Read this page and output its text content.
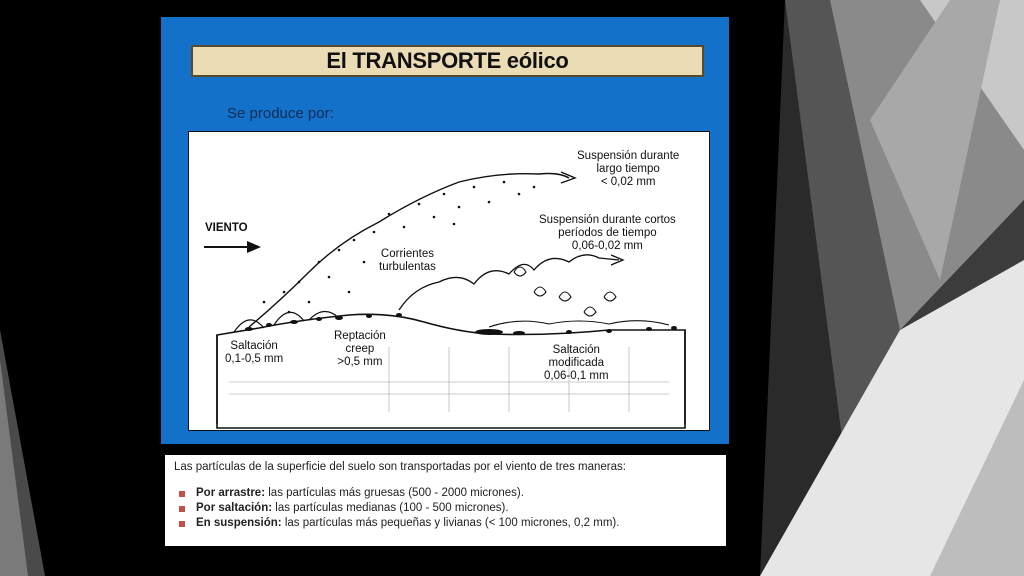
El TRANSPORTE eólico
Se produce por:
VIENTO
Suspensión durante
largo tiempo
< 0,02 mm
Suspensión durante cortos
períodos de tiempo
0,06-0,02 mm
Corrientes
turbulentas
Saltación
0,1-0,5 mm
Reptación
creep
>0,5 mm
Saltación
modificada
0,06-0,1 mm

Las partículas de la superficie del suelo son transportadas por el viento de tres maneras:

Por arrastre: las partículas más gruesas (500 - 2000 micrones).
Por saltación: las partículas medianas (100 - 500 micrones).
En suspensión: las partículas más pequeñas y livianas (< 100 micrones, 0,2 mm).
